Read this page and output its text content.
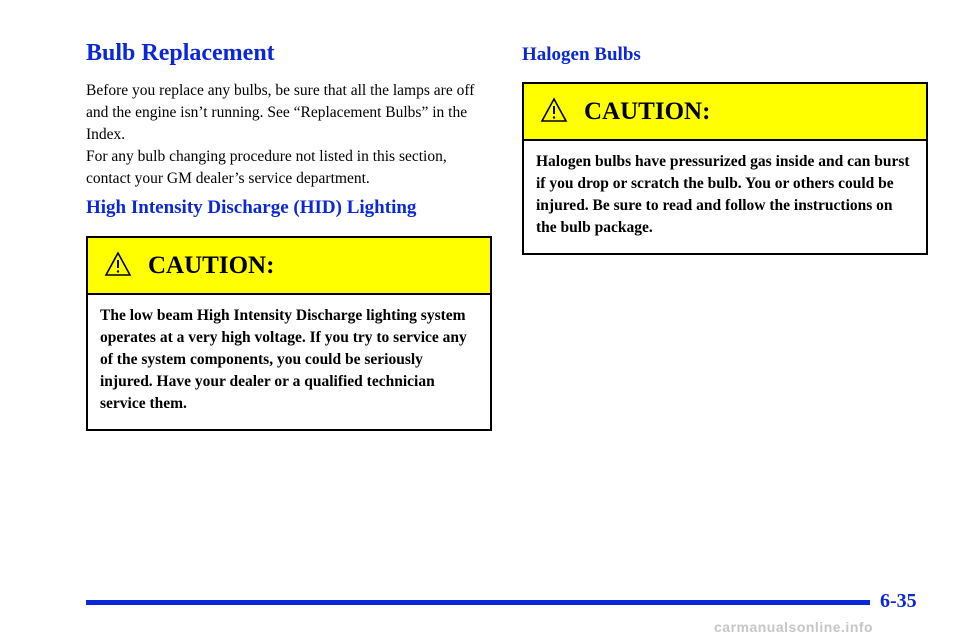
Bulb Replacement

Before you replace any bulbs, be sure that all the lamps are off and the engine isn’t running. See “Replacement Bulbs” in the Index.

For any bulb changing procedure not listed in this section, contact your GM dealer’s service department.

High Intensity Discharge (HID) Lighting
CAUTION:
The low beam High Intensity Discharge lighting system operates at a very high voltage. If you try to service any of the system components, you could be seriously injured. Have your dealer or a qualified technician service them.
Halogen Bulbs
CAUTION:
Halogen bulbs have pressurized gas inside and can burst if you drop or scratch the bulb. You or others could be injured. Be sure to read and follow the instructions on the bulb package.
6-35
carmanualsonline.info
